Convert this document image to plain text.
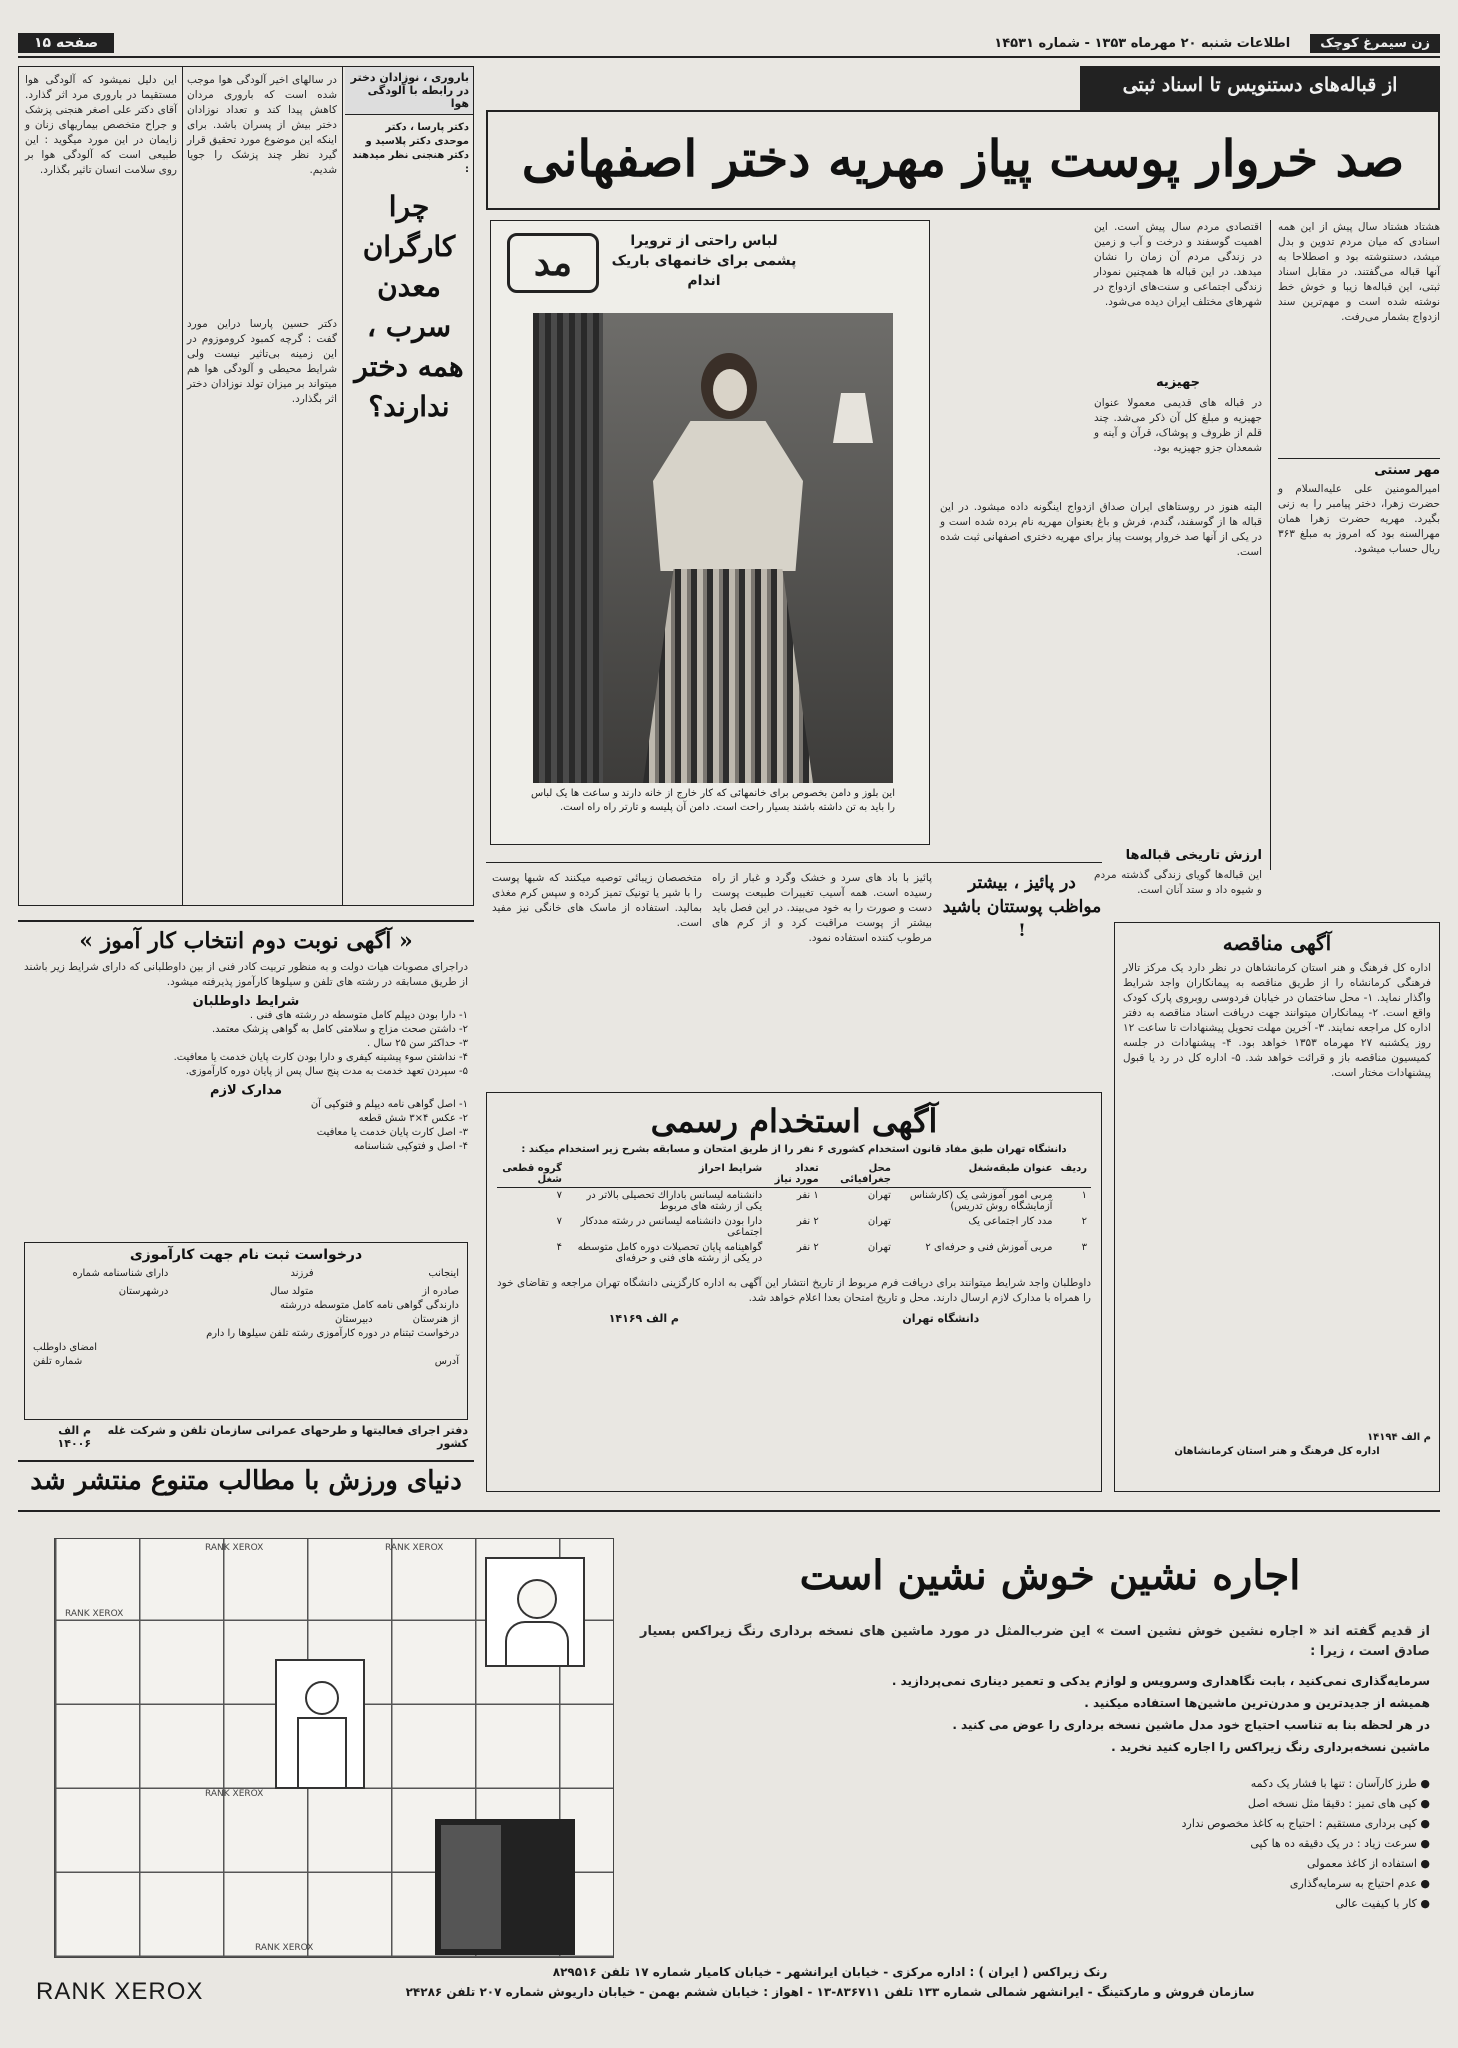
زن سیمرغ کوچک
اطلاعات شنبه ۲۰ مهرماه ۱۳۵۳ - شماره ۱۴۵۳۱
صفحه ۱۵
از قباله‌های دستنویس تا اسناد ثبتی
صد خروار پوست پیاز مهریه دختر اصفهانی
هشتاد هشتاد سال پیش از این همه اسنادی که میان مردم تدوین و بدل میشد، دستنوشته بود و اصطلاحا به آنها قباله می‌گفتند. در مقابل اسناد ثبتی، این قباله‌ها زیبا و خوش خط نوشته شده است و مهم‌ترین سند ازدواج بشمار می‌رفت.
مهر سنتی
امیرالمومنین علی علیه‌السلام و حضرت زهرا، دختر پیامبر را به زنی بگیرد. مهریه حضرت زهرا همان مهرالسنه بود که امروز به مبلغ ۳۶۳ ریال حساب میشود.
اقتصادی مردم سال پیش است. این اهمیت گوسفند و درخت و آب و زمین در زندگی مردم آن زمان را نشان میدهد. در این قباله ها همچنین نمودار زندگی اجتماعی و سنت‌های ازدواج در شهرهای مختلف ایران دیده می‌شود.
جهیزیه
در قباله های قدیمی معمولا عنوان جهیزیه و مبلغ کل آن ذکر می‌شد. چند قلم از ظروف و پوشاک، قرآن و آینه و شمعدان جزو جهیزیه بود.
البته هنوز در روستاهای ایران صداق ازدواج اینگونه داده میشود. در این قباله ها از گوسفند، گندم، فرش و باغ بعنوان مهریه نام برده شده است و در یکی از آنها صد خروار پوست پیاز برای مهریه دختری اصفهانی ثبت شده است.
ارزش تاریخی قباله‌ها
این قباله‌ها گویای زندگی گذشته مردم و شیوه داد و ستد آنان است.
مد
لباس راحتی از ترویرا پشمی برای خانمهای باریک اندام
این بلوز و دامن بخصوص برای خانمهائی که کار خارج از خانه دارند و ساعت ها یک لباس را باید به تن داشته باشند بسیار راحت است. دامن آن پلیسه و تارتر راه راه است.
باروری ، نوزادان دختر در رابطه با آلودگی هوا
دکتر پارسا ، دکتر موحدی دکتر پلاسید و دکتر هنجنی نظر میدهند :
چرا کارگران معدن سرب ، همه دختر ندارند؟
در سالهای اخیر آلودگی هوا موجب شده است که باروری مردان کاهش پیدا کند و تعداد نوزادان دختر بیش از پسران باشد. برای اینکه این موضوع مورد تحقیق قرار گیرد نظر چند پزشک را جویا شدیم.
دکتر حسین پارسا دراین مورد گفت : گرچه کمبود کروموزوم در این زمینه بی‌تاثیر نیست ولی شرایط محیطی و آلودگی هوا هم میتواند بر میزان تولد نوزادان دختر اثر بگذارد.
این دلیل نمیشود که آلودگی هوا مستقیما در باروری مرد اثر گذارد. آقای دکتر علی اصغر هنجنی پزشک و جراح متخصص بیماریهای زنان و زایمان در این مورد میگوید : این طبیعی است که آلودگی هوا بر روی سلامت انسان تاثیر بگذارد.
در پائیز ، بیشتر مواظب پوستتان باشید !
پائیز با باد های سرد و خشک وگرد و غبار از راه رسیده است. همه آسیب تغییرات طبیعت پوست دست و صورت را به خود می‌بیند. در این فصل باید بیشتر از پوست مراقبت کرد و از کرم های مرطوب کننده استفاده نمود.
متخصصان زیبائی توصیه میکنند که شبها پوست را با شیر یا تونیک تمیز کرده و سپس کرم مغذی بمالید. استفاده از ماسک های خانگی نیز مفید است.
« آگهی نوبت دوم انتخاب کار آموز »
دراجرای مصوبات هیات دولت و به منظور تربیت کادر فنی از بین داوطلبانی که دارای شرایط زیر باشند از طریق مسابقه در رشته های تلفن و سیلوها کارآموز پذیرفته میشود.
شرایط داوطلبان
۱- دارا بودن دیپلم کامل متوسطه در رشته های فنی .
۲- داشتن صحت مزاج و سلامتی کامل به گواهی پزشک معتمد.
۳- حداکثر سن ۲۵ سال .
۴- نداشتن سوء پیشینه کیفری و دارا بودن کارت پایان خدمت یا معافیت.
۵- سپردن تعهد خدمت به مدت پنج سال پس از پایان دوره کارآموزی.
مدارک لازم
۱- اصل گواهی نامه دیپلم و فتوکپی آن
۲- عکس ۴×۳ شش قطعه
۳- اصل کارت پایان خدمت یا معافیت
۴- اصل و فتوکپی شناسنامه
درخواست ثبت نام جهت کارآموزی
اینجانب
فرزند
دارای شناسنامه شماره
صادره از
متولد سال
درشهرستان
دارندگی گواهی نامه کامل متوسطه دررشته
از هنرستان
دبیرستان
درخواست ثبتنام در دوره کارآموزی رشته تلفن سیلوها را دارم
امضای داوطلب
آدرس
شماره تلفن
دفتر اجرای فعالیتها و طرحهای عمرانی سازمان تلفن و شرکت غله کشور
م الف ۱۴۰۰۶
دنیای ورزش با مطالب متنوع منتشر شد
آگهی استخدام رسمی
دانشگاه تهران طبق مفاد قانون استخدام کشوری ۶ نفر را از طریق امتحان و مسابقه بشرح زیر استخدام میکند :
ردیف	عنوان طبقه‌شغل	محل جغرافیائی	تعداد مورد نیاز	شرایط احراز	گروه قطعی شغل
۱	مربی امور آموزشی یک (کارشناس آزمایشگاه روش تدریس)	تهران	۱ نفر	دانشنامه لیسانس باداراك تحصیلی بالاتر در یکی از رشته های مربوط	۷
۲	مدد کار اجتماعی یک	تهران	۲ نفر	دارا بودن دانشنامه لیسانس در رشته مددکار اجتماعی	۷
۳	مربی آموزش فنی و حرفه‌ای ۲	تهران	۲ نفر	گواهینامه پایان تحصیلات دوره کامل متوسطه در یکی از رشته های فنی و حرفه‌ای	۴
داوطلبان واجد شرایط میتوانند برای دریافت فرم مربوط از تاریخ انتشار این آگهی به اداره کارگزینی دانشگاه تهران مراجعه و تقاضای خود را همراه با مدارک لازم ارسال دارند. محل و تاریخ امتحان بعدا اعلام خواهد شد.
دانشگاه تهران
م الف ۱۴۱۶۹
آگهی مناقصه
اداره کل فرهنگ و هنر استان کرمانشاهان در نظر دارد یک مرکز تالار فرهنگی کرمانشاه را از طریق مناقصه به پیمانکاران واجد شرایط واگذار نماید. ۱- محل ساختمان در خیابان فردوسی روبروی پارک کودک واقع است. ۲- پیمانکاران میتوانند جهت دریافت اسناد مناقصه به دفتر اداره کل مراجعه نمایند. ۳- آخرین مهلت تحویل پیشنهادات تا ساعت ۱۲ روز یکشنبه ۲۷ مهرماه ۱۳۵۳ خواهد بود. ۴- پیشنهادات در جلسه کمیسیون مناقصه باز و قرائت خواهد شد. ۵- اداره کل در رد یا قبول پیشنهادات مختار است.
م الف ۱۴۱۹۴
اداره کل فرهنگ و هنر استان کرمانشاهان
RANK XEROX	RANK XEROX
RANK XEROX
RANK XEROX
RANK XEROX
اجاره نشین خوش نشین است
از قدیم گفته اند « اجاره نشین خوش نشین است » این ضرب‌المثل در مورد ماشین های نسخه برداری رنگ زیراکس بسیار صادق است ، زیرا :
سرمایه‌گذاری نمی‌کنید ، بابت نگاهداری وسرویس و لوازم یدکی و تعمیر دیناری نمی‌پردازید .
همیشه از جدیدترین و مدرن‌ترین ماشین‌ها استفاده میکنید .
در هر لحظه بنا به تناسب احتیاج خود مدل ماشین نسخه برداری را عوض می کنید .
ماشین نسخه‌برداری رنگ زیراکس را اجاره کنید نخرید .
● طرز کارآسان : تنها با فشار یک دکمه
● کپی های تمیز : دقیقا مثل نسخه اصل
● کپی برداری مستقیم : احتیاج به کاغذ مخصوص ندارد
● سرعت زیاد : در یک دقیقه ده ها کپی
● استفاده از کاغذ معمولی
● عدم احتیاج به سرمایه‌گذاری
● کار با کیفیت عالی
رنک زیراکس ( ایران ) : اداره مرکزی - خیابان ایرانشهر - خیابان کامیار شماره ۱۷ تلفن ۸۲۹۵۱۶
سازمان فروش و مارکتینگ - ایرانشهر شمالی شماره ۱۳۳ تلفن ۸۳۶۷۱۱-۱۳ - اهواز : خیابان ششم بهمن - خیابان داریوش شماره ۲۰۷ تلفن ۲۴۲۸۶
RANK XEROX
